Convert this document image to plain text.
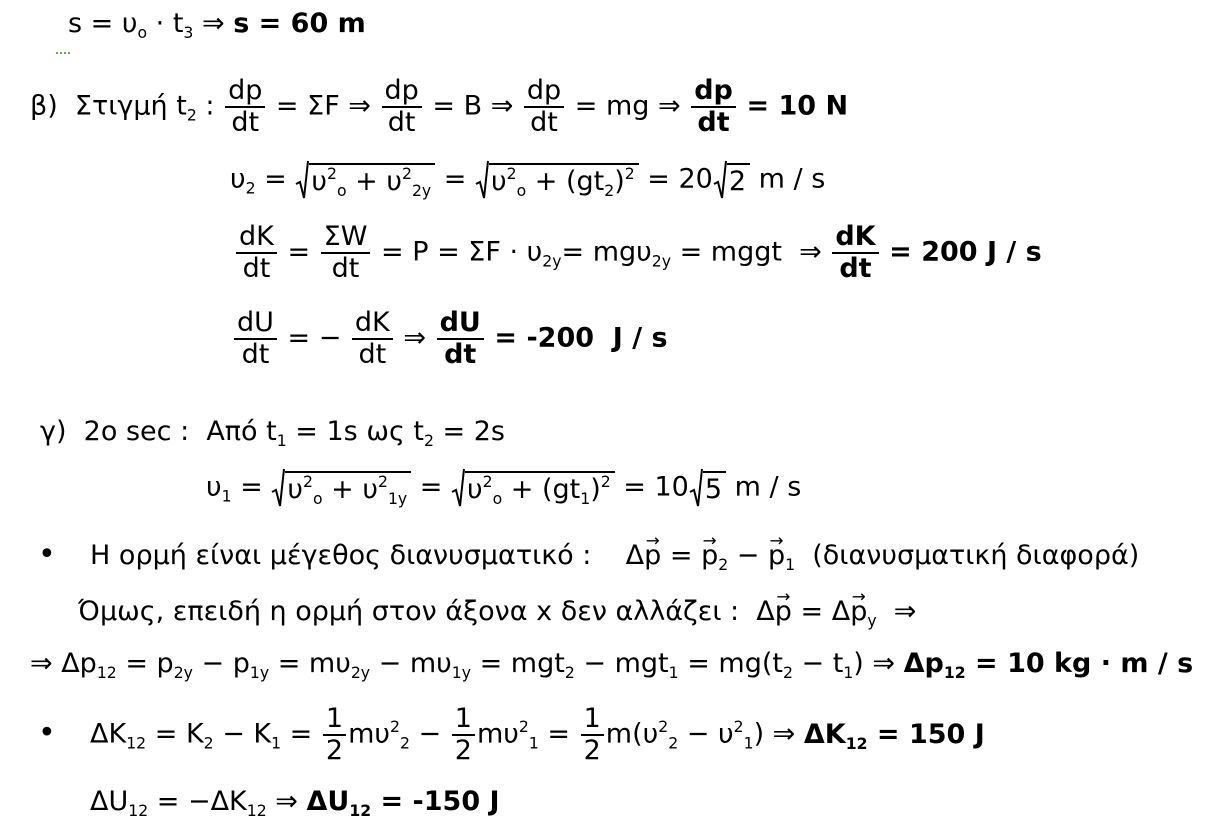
$s = \upsilon_o \cdot t_3$ ⇒ s = 60 m
β)  Στιγμή $t_2$ : $\frac{dp}{dt} = \Sigma F$ ⇒ $\frac{dp}{dt} = B$ ⇒ $\frac{dp}{dt}$ = mg ⇒ $\frac{dp}{dt} = 10$ N
$\upsilon_2 = \upsilon^2_o + \upsilon^2_{2y} = \upsilon^2_o + (gt_2)^2 = 20$ 2 m / s
$\frac{dK}{dt} = \frac{\Sigma W}{dt} = P = \Sigma F \cdot \upsilon_{2y}= mg\upsilon_{2y}$ = mggt  ⇒ $\frac{dK}{dt} = 200$ J / s
$\frac{dU}{dt}$ = − $\frac{dK}{dt}$ ⇒ $\frac{dU}{dt} = -200$  J / s
γ)  2ο sec :  Από $t_1 = 1s$ ως $t_2 = 2s$
$\upsilon_1 = \upsilon^2_o + \upsilon^2_{1y} = \upsilon^2_o + (gt_1)^2 = 10$ 5 m / s
•    Η ορμή είναι μέγεθος διανυσματικό :    Δ→ p = → $p_2$ − → $p_1$  (διανυσματική διαφορά)
Όμως, επειδή η ορμή στον άξονα x δεν αλλάζει :  $\Delta\to p = \Delta\to p_y$  ⇒
⇒ $\Delta p_{12} = p_{2y} - p_{1y} = m\upsilon_{2y} - m\upsilon_{1y} = mgt_2 - mgt_1 = mg(t_2 - t_1)$ ⇒ $\Delta p_{12} = 10$ kg · m / s
•    $\Delta K_{12} = K_2 - K_1 = \frac{1}{2} m\upsilon^2_2 - \frac{1}{2} m\upsilon^2_1 = \frac{1}{2} m(\upsilon^2_2 - \upsilon^2_1)$ ⇒ $\Delta K_{12} = 150$ J
$\Delta U_{12} = -\Delta K_{12}$ ⇒ $\Delta U_{12} = -150$ J
